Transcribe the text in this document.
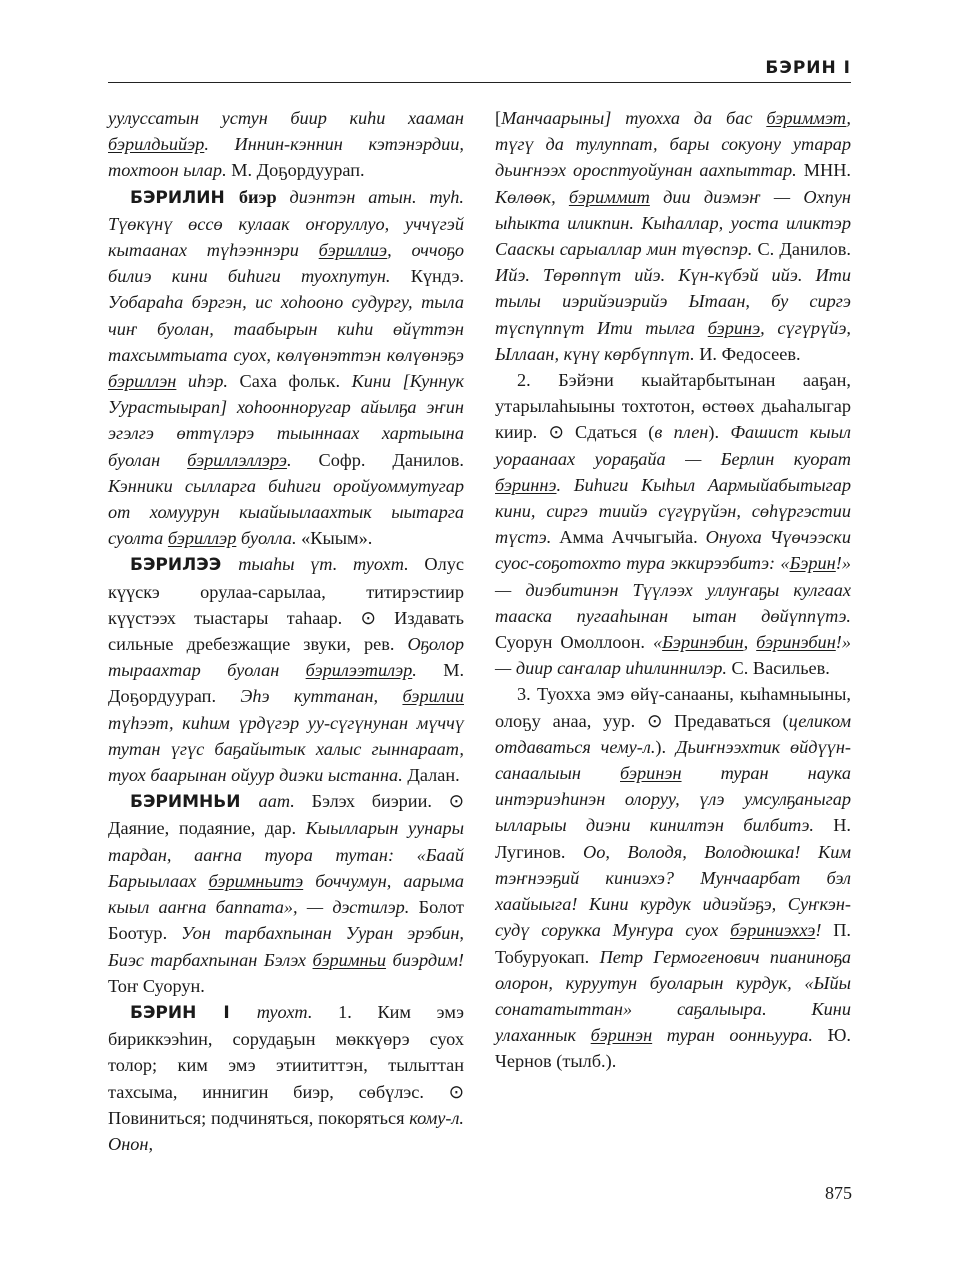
БЭРИН I

уулуссатын устун биир киһи хааман бэрилдьийэр. Иннин-кэннин кэтэнэрдии, тохтоон ылар. М. Доҕордуурап.

БЭРИЛИН биэр диэнтэн атын. туһ. Түөкүнү өссө кулаак оҥоруллуо, уччүгэй кытаанах түһээннэри бэриллиэ, оччоҕо билиэ кини биһиги туохпутун. Күндэ. Уобараһа бэргэн, ис хоһооно судургу, тыла чиҥ буолан, таабырын киһи өйүттэн тахсымтыата суох, көлүөнэттэн көлүөнэҕэ бэриллэн иһэр. Саха фольк. Кини [Куннук Уурастыырап] хоһоонноругар айылҕа эҥин эгэлгэ өттүлэрэ тыыннаах хартыына буолан бэриллэллэрэ. Софр. Данилов. Кэнники сылларга биһиги оройуоммутугар от хомуурун кыайыылаахтык ыытарга суолта бэриллэр буолла. «Кыым».

БЭРИЛЭЭ тыаһы үт. туохт. Олус күүскэ орулаа-сарылаа, титирэстиир күүстээх тыастары таһаар. ⊙ Издавать сильные дребезжащие звуки, рев. Оҕолор тыраахтар буолан бэрилээтилэр. М. Доҕордуурап. Эһэ куттанан, бэрилии түһээт, киһим үрдүгэр уу-сүгүнунан мүччү тутан үгүс баҕайытык халыс гыннараат, туох баарынан ойуур диэки ыстанна. Далан.

БЭРИМНЬИ аат. Бэлэх биэрии. ⊙ Даяние, подаяние, дар. Кыылларын уунары тардан, ааҥна туора тутан: «Баай Барыылаах бэримньитэ боччумун, аарыма кыыл ааҥна баппата», — дэстилэр. Болот Боотур. Уон тарбахпынан Ууран эрэбин, Биэс тарбахпынан Бэлэх бэримньи биэрдим! Тоҥ Суорун.

БЭРИН I туохт. 1. Ким эмэ бириккээһин, сорудаҕын мөккүөрэ суох толор; ким эмэ этиититтэн, тылыттан тахсыма, иннигин биэр, сөбүлэс. ⊙ Повиниться; подчиняться, покоряться кому-л. Онон,

[Манчаарыны] туохха да бас бэриммэт, түгү да тулуппат, бары сокуону утарар дьиҥнээх оросптуойунан аахпыттар. МНН. Көлөөк, бэриммит дии диэмэҥ — Охпун ыһыкта иликпин. Кыһаллар, уоста иликтэр Сааскы сарыаллар мин түөспэр. С. Данилов. Ийэ. Төрөппүт ийэ. Күн-күбэй ийэ. Ити тылы иэрийэиэрийэ Ытаан, бу сиргэ түспүппүт Ити тылга бэринэ, сүгүрүйэ, Ыллаан, күнү көрбүппүт. И. Федосеев.

2. Бэйэни кыайтарбытынан ааҕан, утарылаһыыны тохтотон, өстөөх дьаһалыгар киир. ⊙ Сдаться (в плен). Фашист кыыл уораанаах уораҕайа — Берлин куорат бэриннэ. Биһиги Кыһыл Аармыйабытыгар кини, сиргэ тиийэ сүгүрүйэн, сөһүргэстии түстэ. Амма Аччыгыйа. Онуоха Чүөчээски суос-соҕотохто тура эккирээбитэ: «Бэрин!» — диэбитинэн Түүлээх уллуҥаҕы кулгаах тааска пугааһынан ытан дөйүппүтэ. Суорун Омоллоон. «Бэринэбин, бэринэбин!» — диир саҥалар иһилиннилэр. С. Васильев.

3. Туохха эмэ өйү-санааны, кыһамныыны, олоҕу анаа, уур. ⊙ Предаваться (целиком отдаваться чему-л.). Дьиҥнээхтик өйдүүн-санаалыын бэринэн туран наука интэриэһинэн олоруу, үлэ умсулҕаныгар ылларыы диэни кинилтэн билбитэ. Н. Лугинов. Оо, Володя, Володюшка! Ким тэҥнээҕий киниэхэ? Мунчаарбат бэл хаайыыга! Кини курдук идиэйэҕэ, Суҥкэн-судү сорукка Муҥура суох бэриниэххэ! П. Тобуруокап. Петр Гермогенович пианиноҕа олорон, куруутун буоларын курдук, «Ыйы сонататыттан» саҕалыыра. Кини улаханнык бэринэн туран оонньуура. Ю. Чернов (тылб.).

875
